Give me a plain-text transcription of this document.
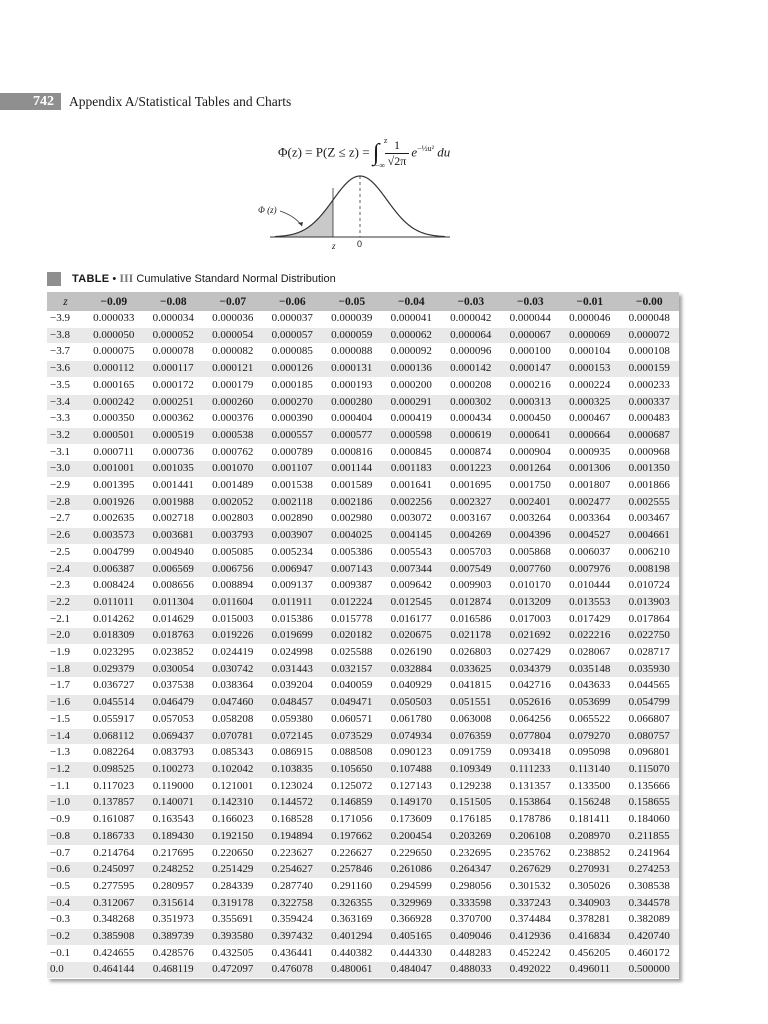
742	Appendix A/Statistical Tables and Charts
Φ(z) = P(Z ≤ z) = ∫ z
−∞
$\frac{1}{√2\pi} e^{-\frac{1}{2}u^2}$ du
Φ (z)
z 0
TABLE • III Cumulative Standard Normal Distribution
z	−0.09	−0.08	−0.07	−0.06	−0.05	−0.04	−0.03	−0.03	−0.01	−0.00
−3.9	0.000033	0.000034	0.000036	0.000037	0.000039	0.000041	0.000042	0.000044	0.000046	0.000048
−3.8	0.000050	0.000052	0.000054	0.000057	0.000059	0.000062	0.000064	0.000067	0.000069	0.000072
−3.7	0.000075	0.000078	0.000082	0.000085	0.000088	0.000092	0.000096	0.000100	0.000104	0.000108
−3.6	0.000112	0.000117	0.000121	0.000126	0.000131	0.000136	0.000142	0.000147	0.000153	0.000159
−3.5	0.000165	0.000172	0.000179	0.000185	0.000193	0.000200	0.000208	0.000216	0.000224	0.000233
−3.4	0.000242	0.000251	0.000260	0.000270	0.000280	0.000291	0.000302	0.000313	0.000325	0.000337
−3.3	0.000350	0.000362	0.000376	0.000390	0.000404	0.000419	0.000434	0.000450	0.000467	0.000483
−3.2	0.000501	0.000519	0.000538	0.000557	0.000577	0.000598	0.000619	0.000641	0.000664	0.000687
−3.1	0.000711	0.000736	0.000762	0.000789	0.000816	0.000845	0.000874	0.000904	0.000935	0.000968
−3.0	0.001001	0.001035	0.001070	0.001107	0.001144	0.001183	0.001223	0.001264	0.001306	0.001350
−2.9	0.001395	0.001441	0.001489	0.001538	0.001589	0.001641	0.001695	0.001750	0.001807	0.001866
−2.8	0.001926	0.001988	0.002052	0.002118	0.002186	0.002256	0.002327	0.002401	0.002477	0.002555
−2.7	0.002635	0.002718	0.002803	0.002890	0.002980	0.003072	0.003167	0.003264	0.003364	0.003467
−2.6	0.003573	0.003681	0.003793	0.003907	0.004025	0.004145	0.004269	0.004396	0.004527	0.004661
−2.5	0.004799	0.004940	0.005085	0.005234	0.005386	0.005543	0.005703	0.005868	0.006037	0.006210
−2.4	0.006387	0.006569	0.006756	0.006947	0.007143	0.007344	0.007549	0.007760	0.007976	0.008198
−2.3	0.008424	0.008656	0.008894	0.009137	0.009387	0.009642	0.009903	0.010170	0.010444	0.010724
−2.2	0.011011	0.011304	0.011604	0.011911	0.012224	0.012545	0.012874	0.013209	0.013553	0.013903
−2.1	0.014262	0.014629	0.015003	0.015386	0.015778	0.016177	0.016586	0.017003	0.017429	0.017864
−2.0	0.018309	0.018763	0.019226	0.019699	0.020182	0.020675	0.021178	0.021692	0.022216	0.022750
−1.9	0.023295	0.023852	0.024419	0.024998	0.025588	0.026190	0.026803	0.027429	0.028067	0.028717
−1.8	0.029379	0.030054	0.030742	0.031443	0.032157	0.032884	0.033625	0.034379	0.035148	0.035930
−1.7	0.036727	0.037538	0.038364	0.039204	0.040059	0.040929	0.041815	0.042716	0.043633	0.044565
−1.6	0.045514	0.046479	0.047460	0.048457	0.049471	0.050503	0.051551	0.052616	0.053699	0.054799
−1.5	0.055917	0.057053	0.058208	0.059380	0.060571	0.061780	0.063008	0.064256	0.065522	0.066807
−1.4	0.068112	0.069437	0.070781	0.072145	0.073529	0.074934	0.076359	0.077804	0.079270	0.080757
−1.3	0.082264	0.083793	0.085343	0.086915	0.088508	0.090123	0.091759	0.093418	0.095098	0.096801
−1.2	0.098525	0.100273	0.102042	0.103835	0.105650	0.107488	0.109349	0.111233	0.113140	0.115070
−1.1	0.117023	0.119000	0.121001	0.123024	0.125072	0.127143	0.129238	0.131357	0.133500	0.135666
−1.0	0.137857	0.140071	0.142310	0.144572	0.146859	0.149170	0.151505	0.153864	0.156248	0.158655
−0.9	0.161087	0.163543	0.166023	0.168528	0.171056	0.173609	0.176185	0.178786	0.181411	0.184060
−0.8	0.186733	0.189430	0.192150	0.194894	0.197662	0.200454	0.203269	0.206108	0.208970	0.211855
−0.7	0.214764	0.217695	0.220650	0.223627	0.226627	0.229650	0.232695	0.235762	0.238852	0.241964
−0.6	0.245097	0.248252	0.251429	0.254627	0.257846	0.261086	0.264347	0.267629	0.270931	0.274253
−0.5	0.277595	0.280957	0.284339	0.287740	0.291160	0.294599	0.298056	0.301532	0.305026	0.308538
−0.4	0.312067	0.315614	0.319178	0.322758	0.326355	0.329969	0.333598	0.337243	0.340903	0.344578
−0.3	0.348268	0.351973	0.355691	0.359424	0.363169	0.366928	0.370700	0.374484	0.378281	0.382089
−0.2	0.385908	0.389739	0.393580	0.397432	0.401294	0.405165	0.409046	0.412936	0.416834	0.420740
−0.1	0.424655	0.428576	0.432505	0.436441	0.440382	0.444330	0.448283	0.452242	0.456205	0.460172
0.0	0.464144	0.468119	0.472097	0.476078	0.480061	0.484047	0.488033	0.492022	0.496011	0.500000
